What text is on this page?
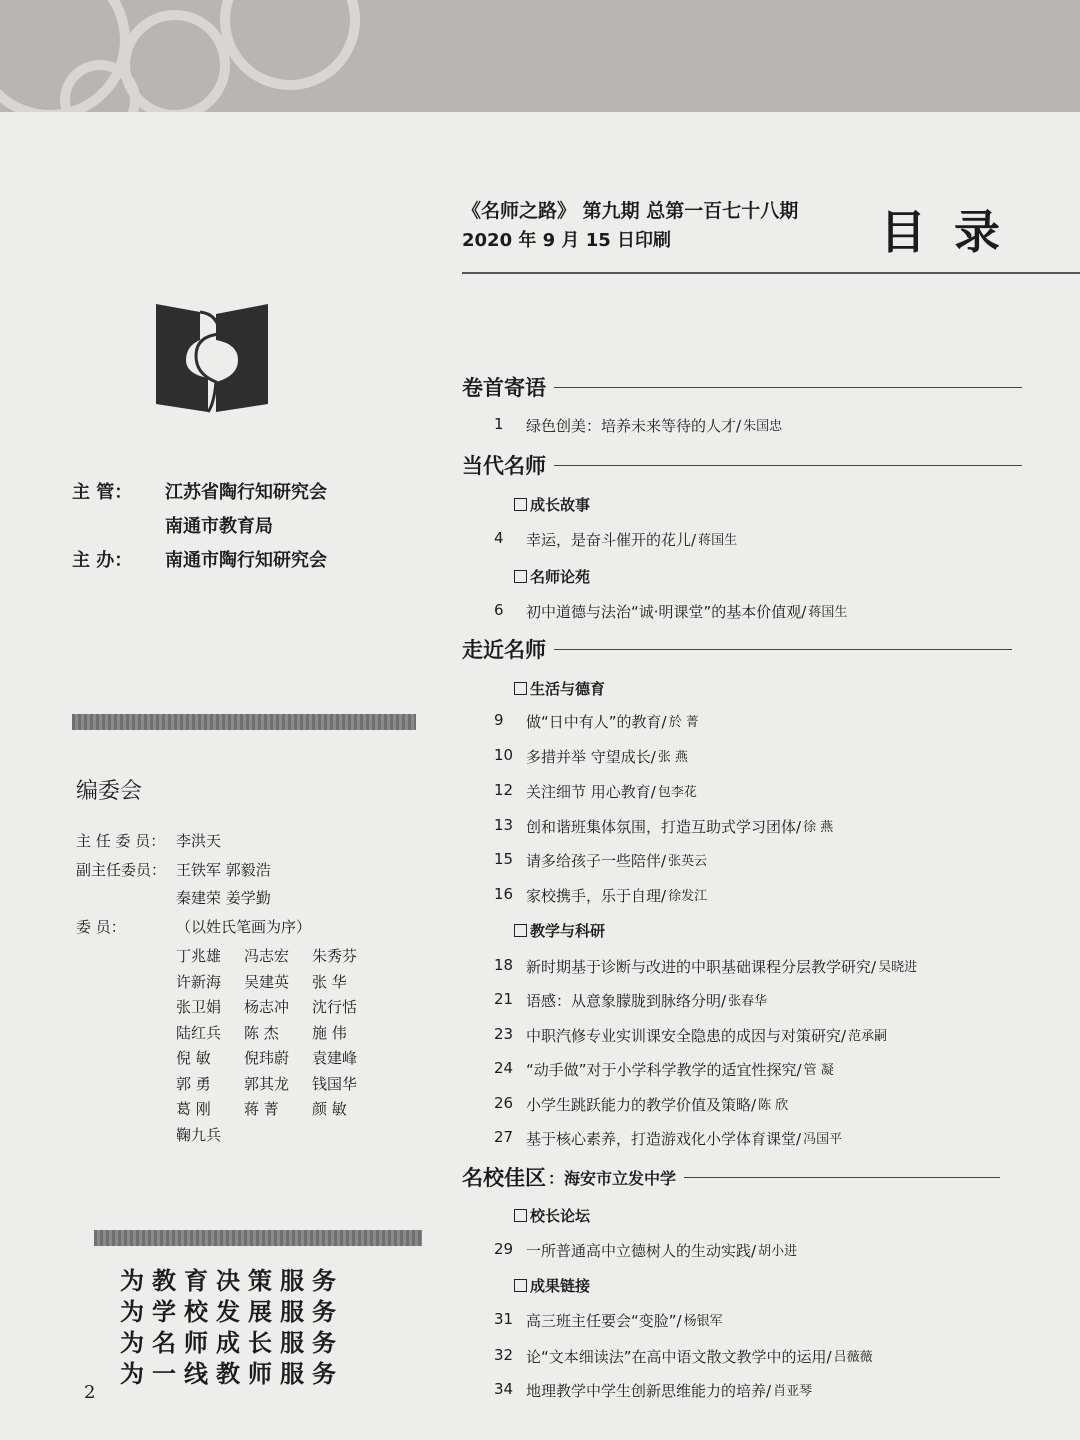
《名师之路》 第九期 总第一百七十八期
2020 年 9 月 15 日印刷	目录
主 管： 江苏省陶行知研究会
南通市教育局
主 办： 南通市陶行知研究会
编委会
主 任 委 员： 李洪天
副主任委员： 王铁军 郭毅浩
秦建荣 姜学勤
委 员：	（以姓氏笔画为序）
丁兆雄	冯志宏	朱秀芬
许新海	吴建英	张 华
张卫娟	杨志冲	沈行恬
陆红兵	陈 杰	施 伟
倪 敏	倪玮蔚	袁建峰
郭 勇	郭其龙	钱国华
葛 刚	蒋 菁	颜 敏
鞠九兵
为教育决策服务
为学校发展服务
为名师成长服务
为一线教师服务
2
卷首寄语
1	绿色创美：培养未来等待的人才/ 朱国忠
当代名师
成长故事
4	幸运，是奋斗催开的花儿/ 蒋国生
名师论苑
6	初中道德与法治“诚·明课堂”的基本价值观/ 蒋国生
走近名师
生活与德育
9	做“日中有人”的教育/ 於 菁
10 多措并举 守望成长/ 张 燕
12 关注细节 用心教育/ 包李花
13 创和谐班集体氛围，打造互助式学习团体/ 徐 燕
15 请多给孩子一些陪伴/ 张英云
16 家校携手，乐于自理/ 徐发江
教学与科研
18 新时期基于诊断与改进的中职基础课程分层教学研究/ 吴晓进
21 语感：从意象朦胧到脉络分明/ 张春华
23 中职汽修专业实训课安全隐患的成因与对策研究/ 范承嗣
24 “动手做”对于小学科学教学的适宜性探究/ 管 凝
26 小学生跳跃能力的教学价值及策略/ 陈 欣
27 基于核心素养，打造游戏化小学体育课堂/ 冯国平
名校佳区 ：海安市立发中学
校长论坛
29 一所普通高中立德树人的生动实践/ 胡小进
成果链接
31 高三班主任要会“变脸”/ 杨银军
32 论“文本细读法”在高中语文散文教学中的运用/ 吕薇薇
34 地理教学中学生创新思维能力的培养/ 肖亚琴
